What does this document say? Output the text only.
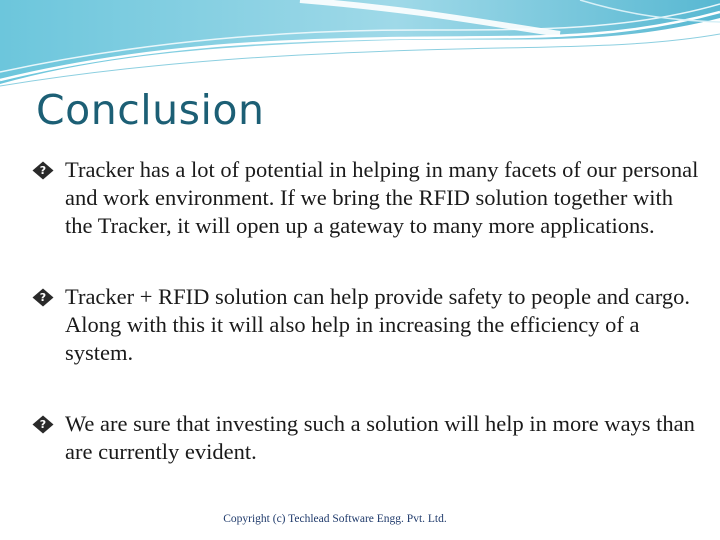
Conclusion
? Tracker has a lot of potential in helping in many facets of our personal and work environment. If we bring the RFID solution together with the Tracker, it will open up a gateway to many more applications.
? Tracker + RFID solution can help provide safety to people and cargo. Along with this it will also help in increasing the efficiency of a system.
? We are sure that investing such a solution will help in more ways than are currently evident.
Copyright (c) Techlead Software Engg. Pvt. Ltd.
